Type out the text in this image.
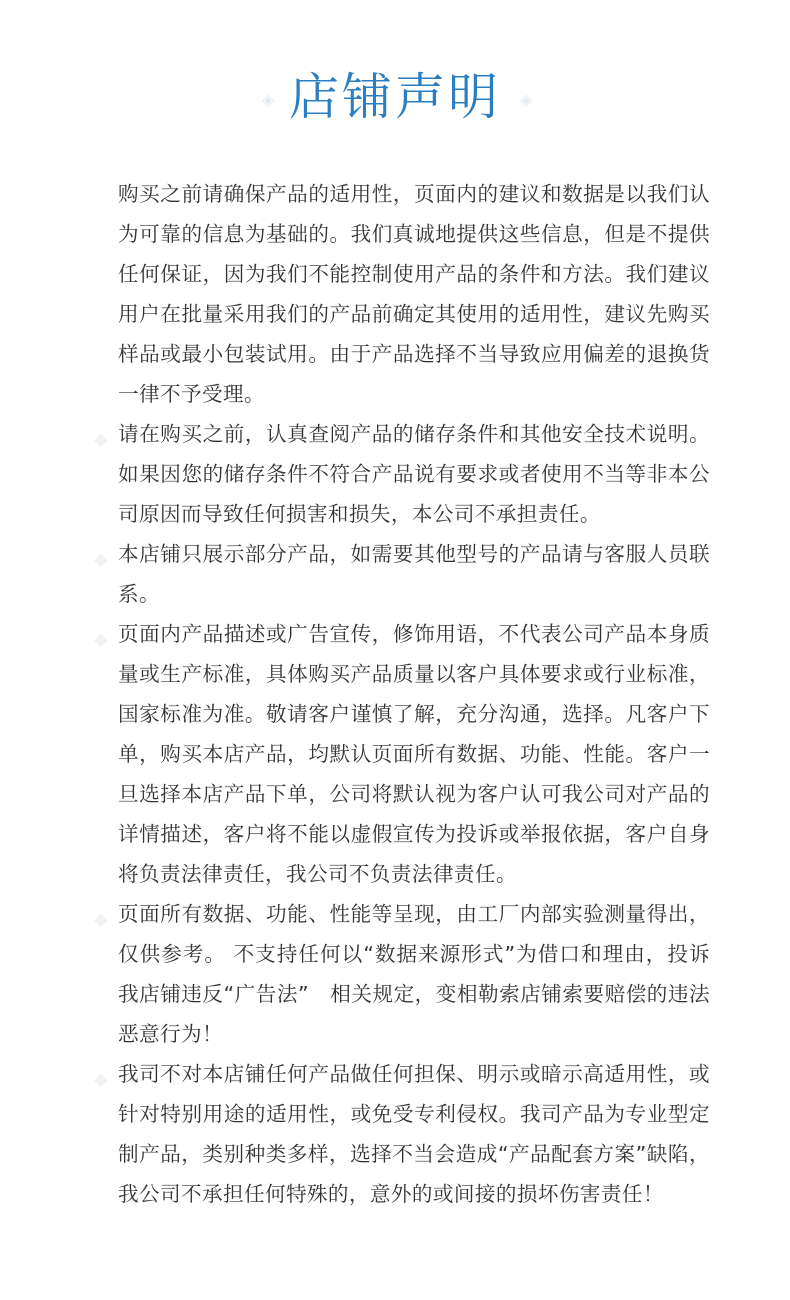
◈	◈
店铺声明

购买之前请确保产品的适用性，页面内的建议和数据是以我们认为可靠的信息为基础的。我们真诚地提供这些信息，但是不提供任何保证，因为我们不能控制使用产品的条件和方法。我们建议用户在批量采用我们的产品前确定其使用的适用性，建议先购买样品或最小包装试用。由于产品选择不当导致应用偏差的退换货一律不予受理。

◆ 请在购买之前，认真查阅产品的储存条件和其他安全技术说明。如果因您的储存条件不符合产品说有要求或者使用不当等非本公司原因而导致任何损害和损失，本公司不承担责任。

◆ 本店铺只展示部分产品，如需要其他型号的产品请与客服人员联系。

◆ 页面内产品描述或广告宣传，修饰用语，不代表公司产品本身质量或生产标准，具体购买产品质量以客户具体要求或行业标准，国家标准为准。敬请客户谨慎了解，充分沟通，选择。凡客户下单，购买本店产品，均默认页面所有数据、功能、性能。客户一旦选择本店产品下单，公司将默认视为客户认可我公司对产品的详情描述，客户将不能以虚假宣传为投诉或举报依据，客户自身将负责法律责任，我公司不负责法律责任。

◆ 页面所有数据、功能、性能等呈现，由工厂内部实验测量得出，仅供参考。 不支持任何以“数据来源形式”为借口和理由，投诉我店铺违反“广告法”　相关规定，变相勒索店铺索要赔偿的违法恶意行为！

◆ 我司不对本店铺任何产品做任何担保、明示或暗示高适用性，或针对特别用途的适用性，或免受专利侵权。我司产品为专业型定制产品，类别种类多样，选择不当会造成“产品配套方案”缺陷，我公司不承担任何特殊的，意外的或间接的损坏伤害责任！
